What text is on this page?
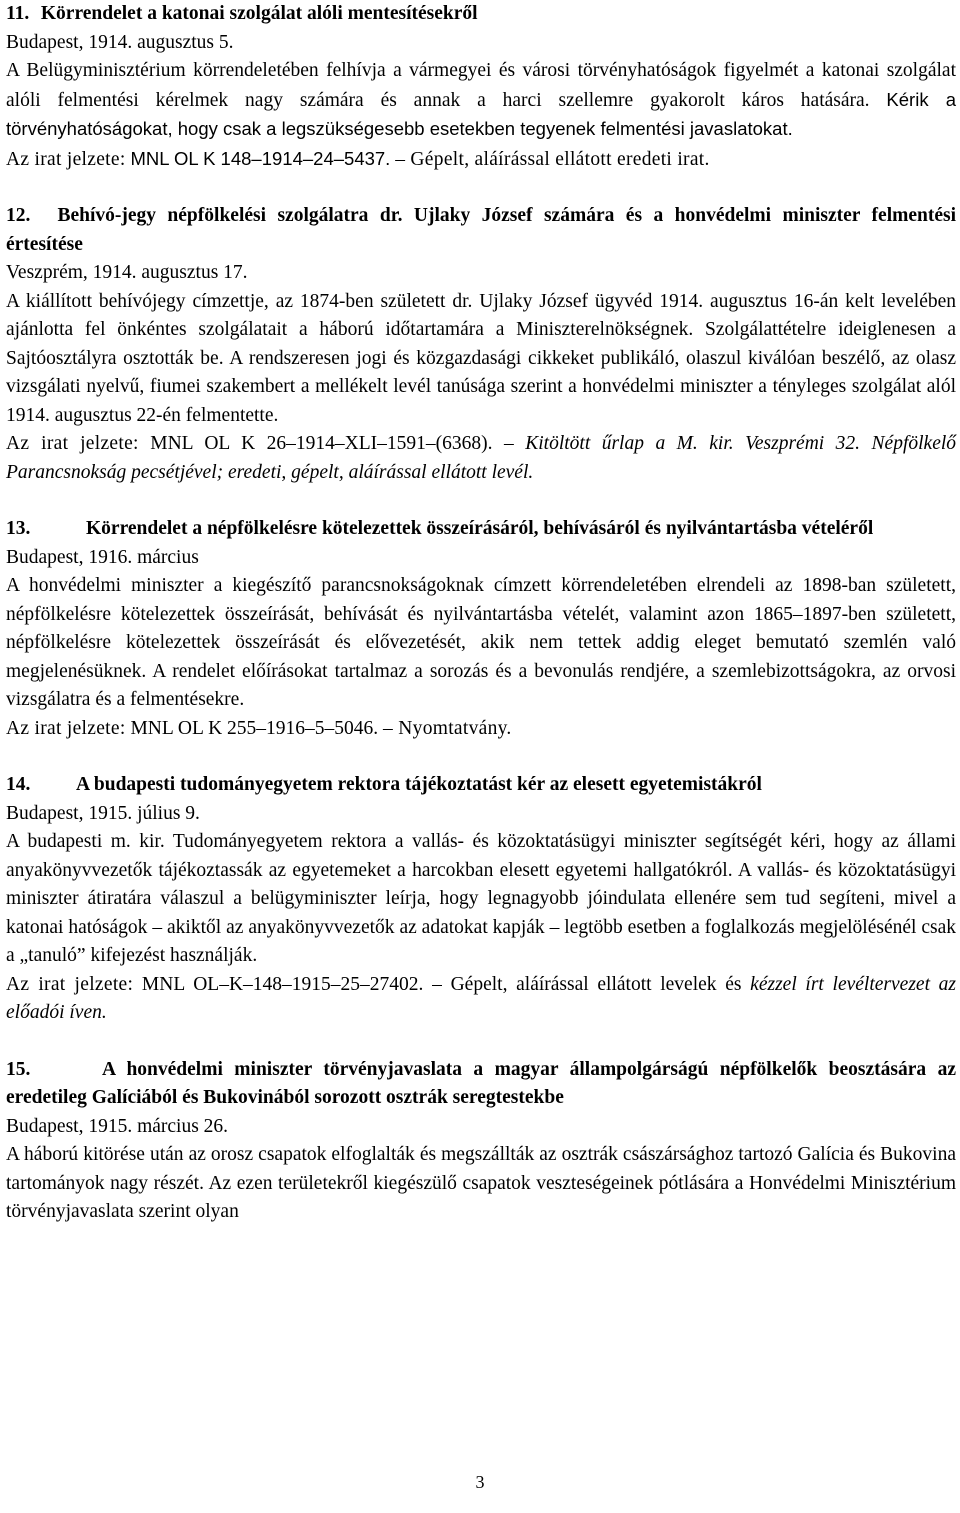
11. Körrendelet a katonai szolgálat alóli mentesítésekről
Budapest, 1914. augusztus 5.
A Belügyminisztérium körrendeletében felhívja a vármegyei és városi törvényhatóságok figyelmét a katonai szolgálat alóli felmentési kérelmek nagy számára és annak a harci szellemre gyakorolt káros hatására. Kérik a törvényhatóságokat, hogy csak a legszükségesebb esetekben tegyenek felmentési javaslatokat.
Az irat jelzete: MNL OL K 148–1914–24–5437. – Gépelt, aláírással ellátott eredeti irat.
12. Behívó-jegy népfölkelési szolgálatra dr. Ujlaky József számára és a honvédelmi miniszter felmentési értesítése
Veszprém, 1914. augusztus 17.
A kiállított behívójegy címzettje, az 1874-ben született dr. Ujlaky József ügyvéd 1914. augusztus 16-án kelt levelében ajánlotta fel önkéntes szolgálatait a háború időtartamára a Miniszterelnökségnek. Szolgálattételre ideiglenesen a Sajtóosztályra osztották be. A rendszeresen jogi és közgazdasági cikkeket publikáló, olaszul kiválóan beszélő, az olasz vizsgálati nyelvű, fiumei szakembert a mellékelt levél tanúsága szerint a honvédelmi miniszter a tényleges szolgálat alól 1914. augusztus 22-én felmentette.
Az irat jelzete: MNL OL K 26–1914–XLI–1591–(6368). – Kitöltött űrlap a M. kir. Veszprémi 32. Népfölkelő Parancsnokság pecsétjével; eredeti, gépelt, aláírással ellátott levél.
13.	Körrendelet a népfölkelésre kötelezettek összeírásáról, behívásáról és nyilvántartásba vételéről
Budapest, 1916. március
A honvédelmi miniszter a kiegészítő parancsnokságoknak címzett körrendeletében elrendeli az 1898-ban született, népfölkelésre kötelezettek összeírását, behívását és nyilvántartásba vételét, valamint azon 1865–1897-ben született, népfölkelésre kötelezettek összeírását és elővezetését, akik nem tettek addig eleget bemutató szemlén való megjelenésüknek. A rendelet előírásokat tartalmaz a sorozás és a bevonulás rendjére, a szemlebizottságokra, az orvosi vizsgálatra és a felmentésekre.
Az irat jelzete: MNL OL K 255–1916–5–5046. – Nyomtatvány.
14. A budapesti tudományegyetem rektora tájékoztatást kér az elesett egyetemistákról
Budapest, 1915. július 9.
A budapesti m. kir. Tudományegyetem rektora a vallás- és közoktatásügyi miniszter segítségét kéri, hogy az állami anyakönyvvezetők tájékoztassák az egyetemeket a harcokban elesett egyetemi hallgatókról. A vallás- és közoktatásügyi miniszter átiratára válaszul a belügyminiszter leírja, hogy legnagyobb jóindulata ellenére sem tud segíteni, mivel a katonai hatóságok – akiktől az anyakönyvvezetők az adatokat kapják – legtöbb esetben a foglalkozás megjelölésénél csak a „tanuló” kifejezést használják.
Az irat jelzete: MNL OL–K–148–1915–25–27402. – Gépelt, aláírással ellátott levelek és kézzel írt levéltervezet az előadói íven.
15.	A honvédelmi miniszter törvényjavaslata a magyar állampolgárságú népfölkelők beosztására az eredetileg Galíciából és Bukovinából sorozott osztrák seregtestekbe
Budapest, 1915. március 26.
A háború kitörése után az orosz csapatok elfoglalták és megszállták az osztrák császársághoz tartozó Galícia és Bukovina tartományok nagy részét. Az ezen területekről kiegészülő csapatok veszteségeinek pótlására a Honvédelmi Minisztérium törvényjavaslata szerint olyan
3
